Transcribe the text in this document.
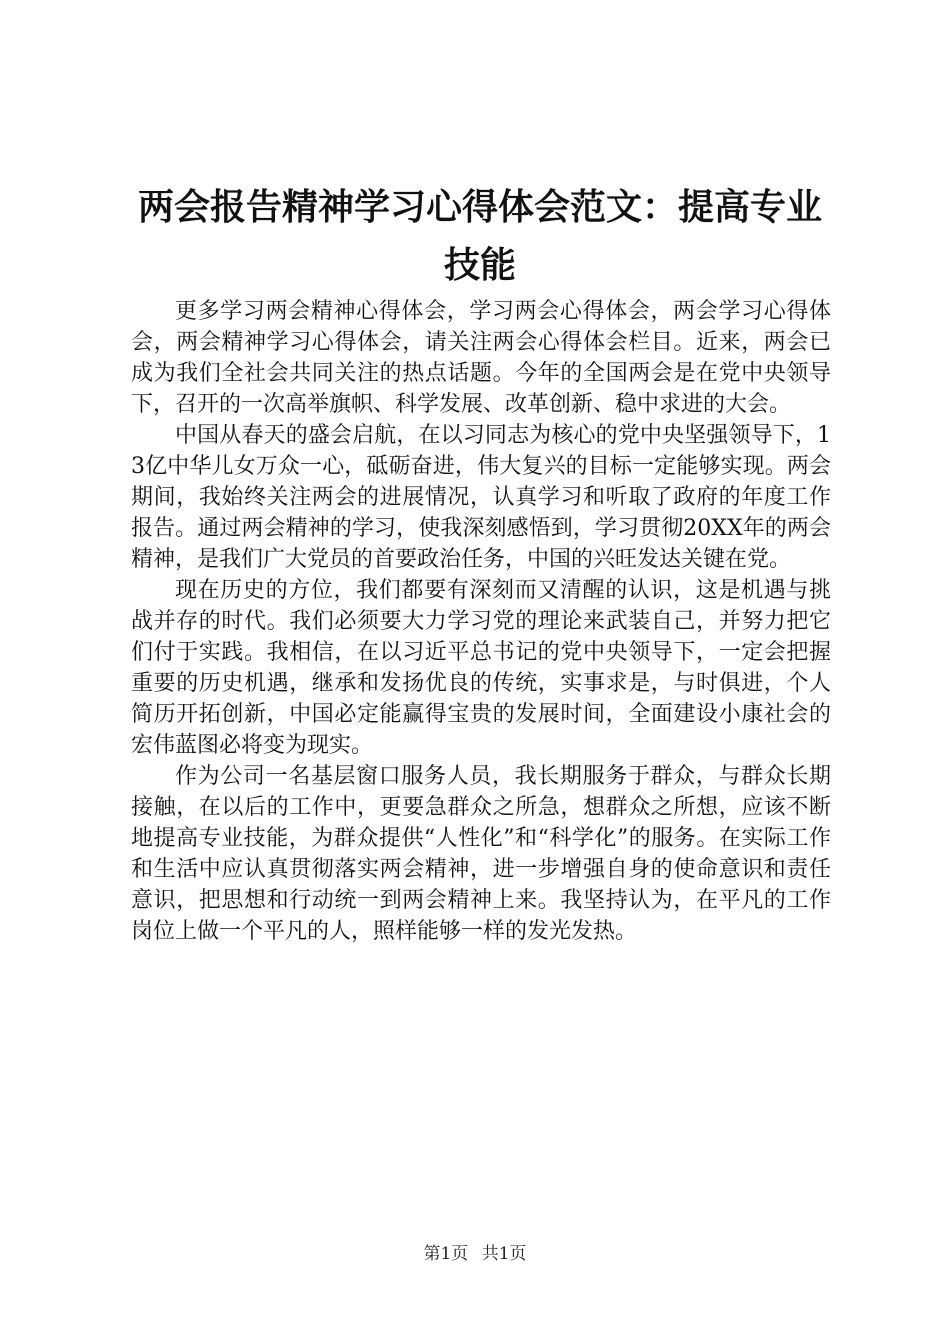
两会报告精神学习心得体会范文：提高专业技能

更多学习两会精神心得体会，学习两会心得体会，两会学习心得体会，两会精神学习心得体会，请关注两会心得体会栏目。近来，两会已成为我们全社会共同关注的热点话题。今年的全国两会是在党中央领导下，召开的一次高举旗帜、科学发展、改革创新、稳中求进的大会。

中国从春天的盛会启航，在以习同志为核心的党中央坚强领导下，13亿中华儿女万众一心，砥砺奋进，伟大复兴的目标一定能够实现。两会期间，我始终关注两会的进展情况，认真学习和听取了政府的年度工作报告。通过两会精神的学习，使我深刻感悟到，学习贯彻20XX年的两会精神，是我们广大党员的首要政治任务，中国的兴旺发达关键在党。

现在历史的方位，我们都要有深刻而又清醒的认识，这是机遇与挑战并存的时代。我们必须要大力学习党的理论来武装自己，并努力把它们付于实践。我相信，在以习近平总书记的党中央领导下，一定会把握重要的历史机遇，继承和发扬优良的传统，实事求是，与时俱进，个人简历开拓创新，中国必定能赢得宝贵的发展时间，全面建设小康社会的宏伟蓝图必将变为现实。

作为公司一名基层窗口服务人员，我长期服务于群众，与群众长期接触，在以后的工作中，更要急群众之所急，想群众之所想，应该不断地提高专业技能，为群众提供“人性化”和“科学化”的服务。在实际工作和生活中应认真贯彻落实两会精神，进一步增强自身的使命意识和责任意识，把思想和行动统一到两会精神上来。我坚持认为，在平凡的工作岗位上做一个平凡的人，照样能够一样的发光发热。

第1页 共1页
